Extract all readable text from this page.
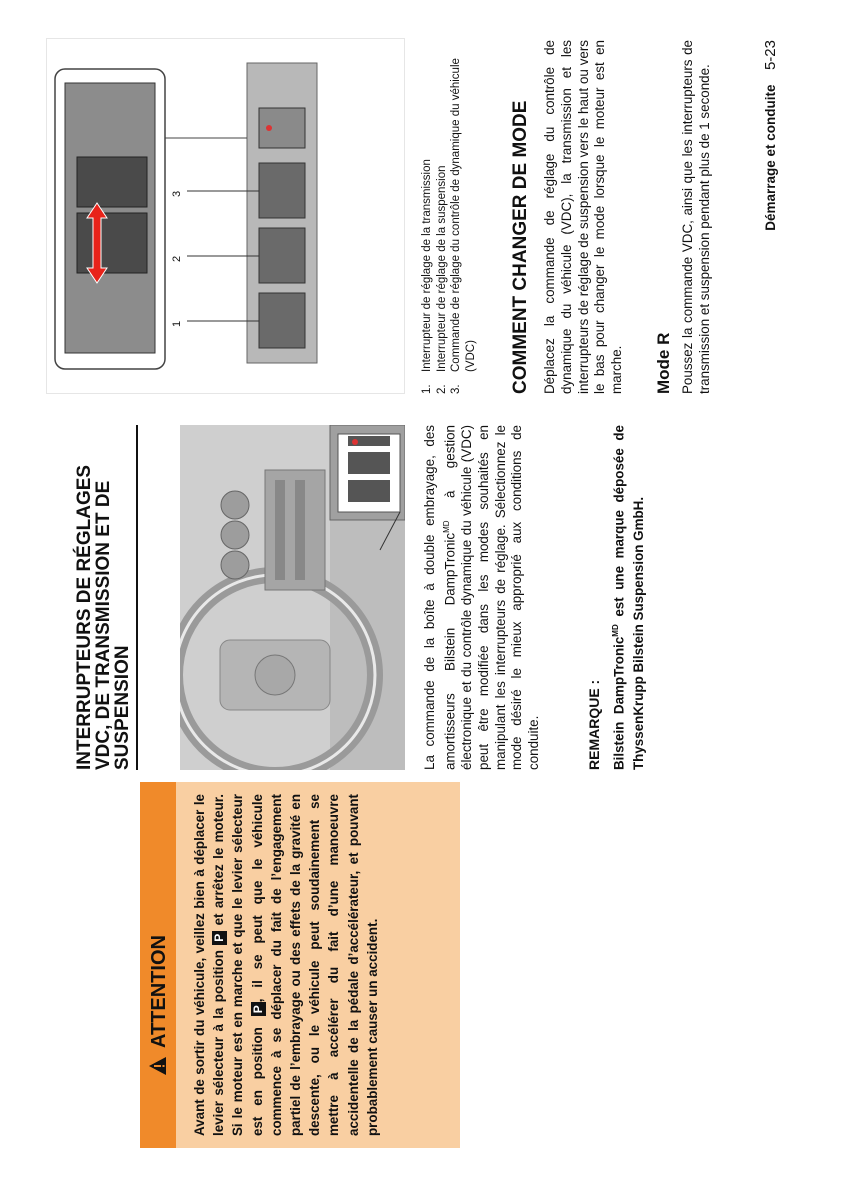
ATTENTION Avant de sortir du véhicule, veillez bien à déplacer le levier sélecteur à la position P et arrêtez le moteur. Si le moteur est en marche et que le levier sélecteur est en position P, il se peut que le véhicule commence à se déplacer du fait de l’engagement partiel de l’embrayage ou des effets de la gravité en descente, ou le véhicule peut soudainement se mettre à accélérer du fait d’une manoeuvre accidentelle de la pédale d’accélérateur, et pouvant probablement causer un accident.
INTERRUPTEURS DE RÉGLAGES
VDC, DE TRANSMISSION ET DE
SUSPENSION	La commande de la boîte à double embrayage, des amortisseurs Bilstein DampTronic$^{MD}$ à gestion électronique et du contrôle dynamique du véhicule (VDC) peut être modifiée dans les modes souhaités en manipulant les interrupteurs de réglage. Sélectionnez le mode désiré le mieux approprié aux conditions de conduite.	REMARQUE : Bilstein DampTronic$^{MD}$ est une marque déposée de ThyssenKrupp Bilstein Suspension GmbH.
1
2
3
1.
Interrupteur de réglage de la transmission
2.
Interrupteur de réglage de la suspension
3.
Commande de réglage du contrôle de dynamique du véhicule (VDC) COMMENT CHANGER DE MODE Déplacez la commande de réglage du contrôle de dynamique du véhicule (VDC), la transmission et les interrupteurs de réglage de suspension vers le haut ou vers le bas pour changer le mode lorsque le moteur est en marche. Mode R Poussez la commande VDC, ainsi que les interrupteurs de transmission et suspension pendant plus de 1 seconde.	Démarrage et conduite 5-23
